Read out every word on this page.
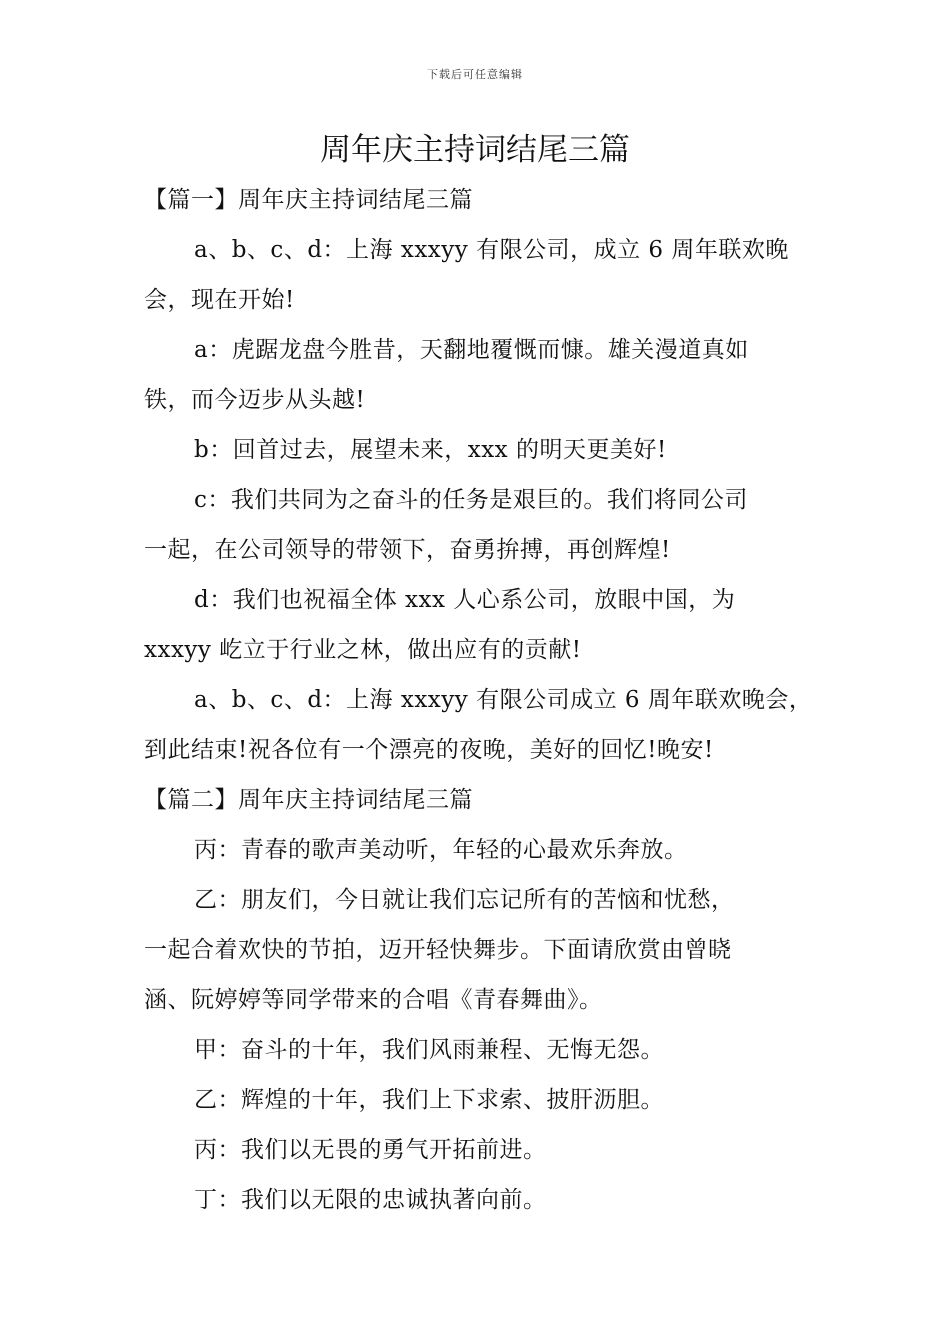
下载后可任意编辑
周年庆主持词结尾三篇
【篇一】周年庆主持词结尾三篇
a、b、c、d：上海 xxxyy 有限公司，成立 6 周年联欢晚
会，现在开始!
a：虎踞龙盘今胜昔，天翻地覆慨而慷。雄关漫道真如
铁，而今迈步从头越!
b：回首过去，展望未来，xxx 的明天更美好!
c：我们共同为之奋斗的任务是艰巨的。我们将同公司
一起，在公司领导的带领下，奋勇拚搏，再创辉煌!
d：我们也祝福全体 xxx 人心系公司，放眼中国，为
xxxyy 屹立于行业之林，做出应有的贡献!
a、b、c、d：上海 xxxyy 有限公司成立 6 周年联欢晚会，
到此结束!祝各位有一个漂亮的夜晚，美好的回忆!晚安!
【篇二】周年庆主持词结尾三篇
丙：青春的歌声美动听，年轻的心最欢乐奔放。
乙：朋友们，今日就让我们忘记所有的苦恼和忧愁，
一起合着欢快的节拍，迈开轻快舞步。下面请欣赏由曾晓
涵、阮婷婷等同学带来的合唱《青春舞曲》。
甲：奋斗的十年，我们风雨兼程、无悔无怨。
乙：辉煌的十年，我们上下求索、披肝沥胆。
丙：我们以无畏的勇气开拓前进。
丁：我们以无限的忠诚执著向前。
